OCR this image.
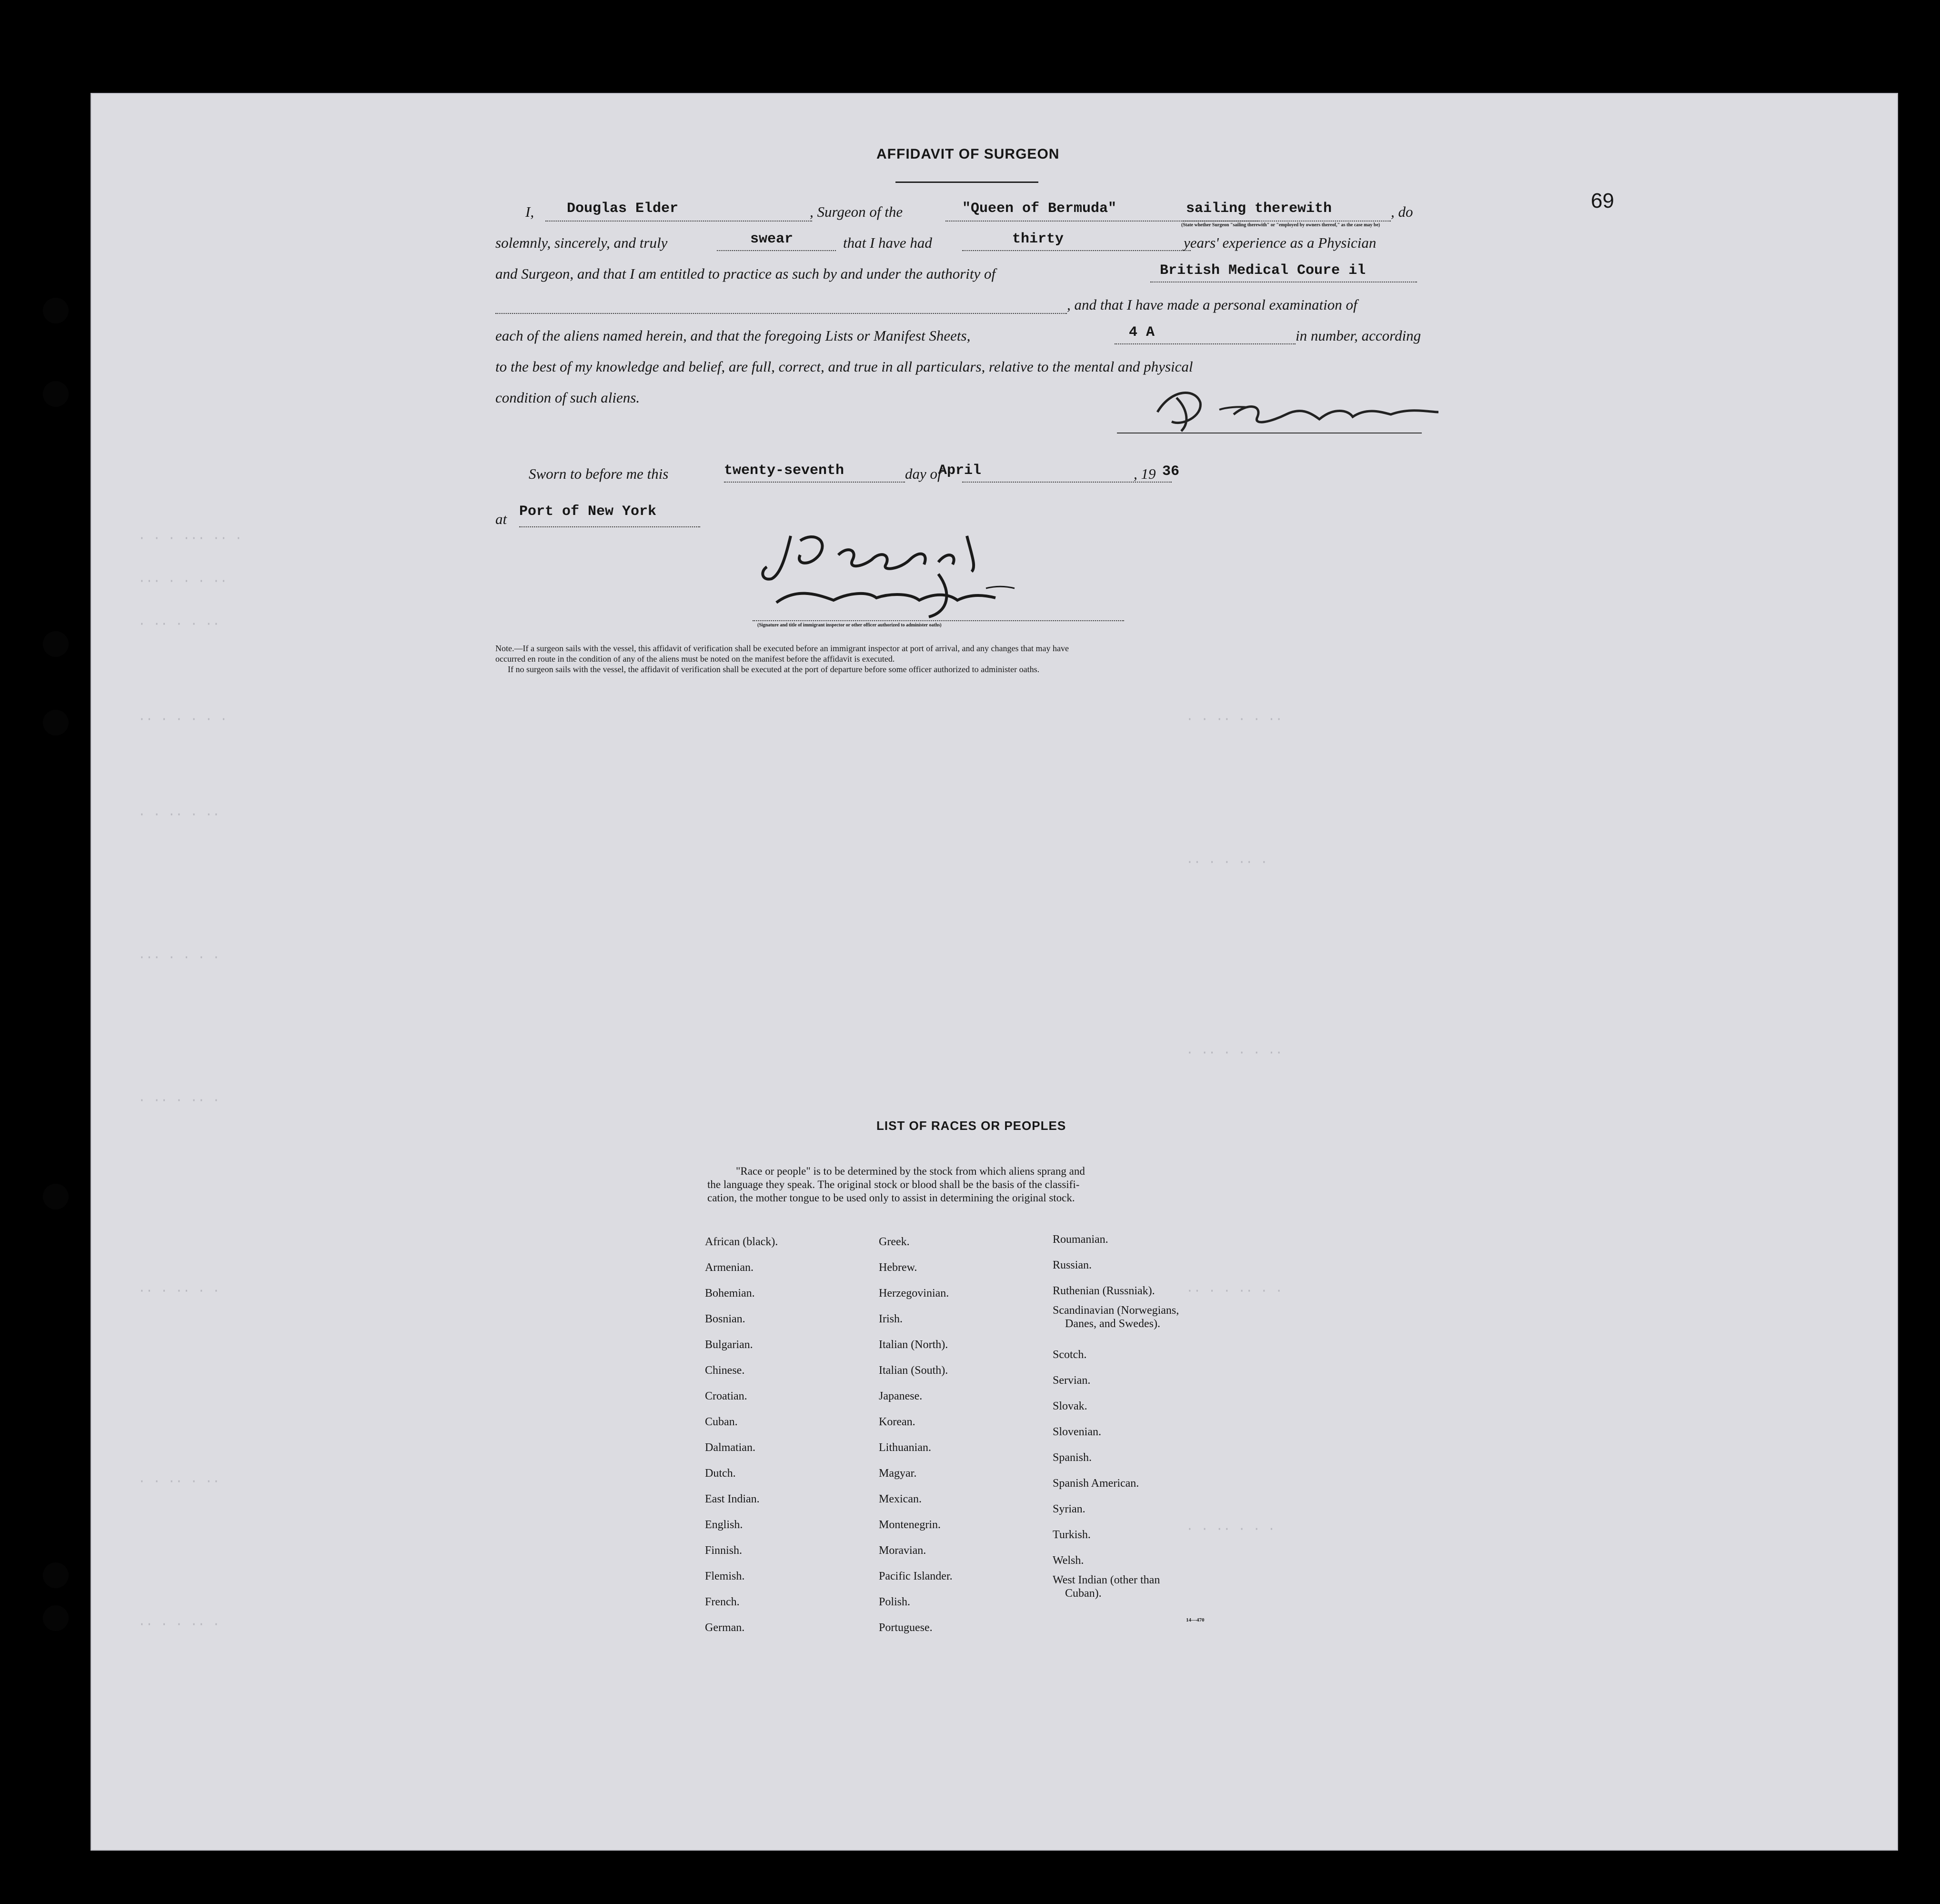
69
· · · ··· ·· ·
··· · · · ··
· ·· · · ··
·· · · · · ·
· · ·· · ··
··· · · · ·
· ·· · ·· ·
·· · ·· · ·
· · ·· · ··
·· · · ·· ·
· · ·· · · ··
·· · · ·· ·
· ·· · · · ··
·· · · ·· · ·
· · ·· · · ·
AFFIDAVIT OF SURGEON
I, Douglas Elder	, Surgeon of the	"Queen of Bermuda"	sailing therewith
(State whether Surgeon "sailing therewith" or "employed by owners thereof," as the case may be)
, do
solemnly, sincerely, and truly	swear	that I have had	thirty	years' experience as a Physician
and Surgeon, and that I am entitled to practice as such by and under the authority of	British Medical Coure il
, and that I have made a personal examination of
each of the aliens named herein, and that the foregoing Lists or Manifest Sheets,	4 A	in number, according
to the best of my knowledge and belief, are full, correct, and true in all particulars, relative to the mental and physical
condition of such aliens.
Sworn to before me this	twenty-seventh	day of
April	, 19 36
at Port of New York
(Signature and title of immigrant inspector or other officer authorized to administer oaths)
Note.—If a surgeon sails with the vessel, this affidavit of verification shall be executed before an immigrant inspector at port of arrival, and any changes that may have
occurred en route in the condition of any of the aliens must be noted on the manifest before the affidavit is executed.
If no surgeon sails with the vessel, the affidavit of verification shall be executed at the port of departure before some officer authorized to administer oaths.
LIST OF RACES OR PEOPLES
"Race or people" is to be determined by the stock from which aliens sprang and
the language they speak. The original stock or blood shall be the basis of the classifi-
cation, the mother tongue to be used only to assist in determining the original stock.
African (black).
Armenian.
Bohemian.
Bosnian.
Bulgarian.
Chinese.
Croatian.
Cuban.
Dalmatian.
Dutch.
East Indian.
English.
Finnish.
Flemish.
French.
German.
Greek.
Hebrew.
Herzegovinian.
Irish.
Italian (North).
Italian (South).
Japanese.
Korean.
Lithuanian.
Magyar.
Mexican.
Montenegrin.
Moravian.
Pacific Islander.
Polish.
Portuguese.
Roumanian.
Russian.
Ruthenian (Russniak).
Scandinavian (Norwegians,
Danes, and Swedes).
Scotch.
Servian.
Slovak.
Slovenian.
Spanish.
Spanish American.
Syrian.
Turkish.
Welsh.
West Indian (other than
Cuban).
14—470
